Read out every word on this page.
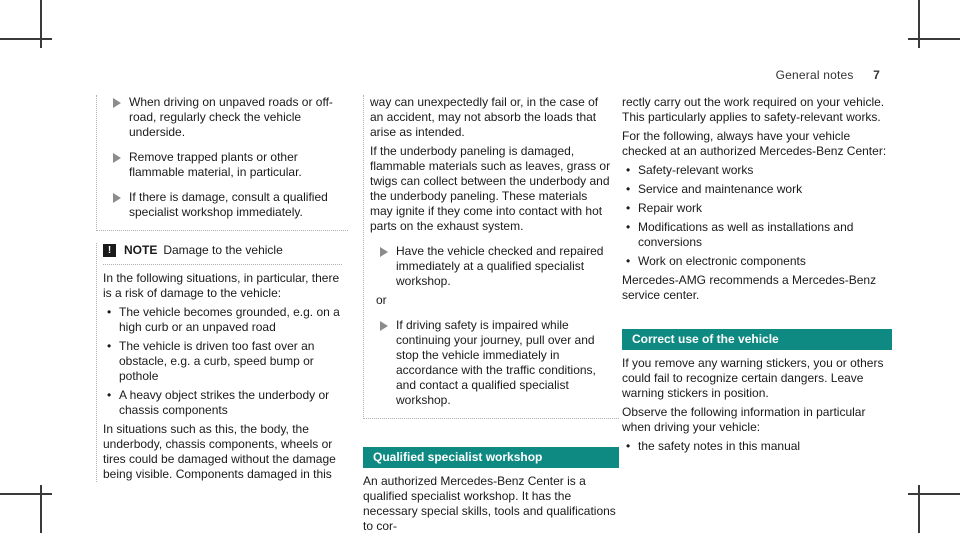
General notes 7
When driving on unpaved roads or off-road, regularly check the vehicle underside.
Remove trapped plants or other flammable material, in particular.
If there is damage, consult a qualified specialist workshop immediately.
!	NOTE Damage to the vehicle

In the following situations, in particular, there is a risk of damage to the vehicle:

• The vehicle becomes grounded, e.g. on a high curb or an unpaved road
• The vehicle is driven too fast over an obstacle, e.g. a curb, speed bump or pothole
• A heavy object strikes the underbody or chassis components

In situations such as this, the body, the underbody, chassis components, wheels or tires could be damaged without the damage being visible. Components damaged in this

way can unexpectedly fail or, in the case of an accident, may not absorb the loads that arise as intended.

If the underbody paneling is damaged, flammable materials such as leaves, grass or twigs can collect between the underbody and the underbody paneling. These materials may ignite if they come into contact with hot parts on the exhaust system.

Have the vehicle checked and repaired immediately at a qualified specialist workshop.
or
If driving safety is impaired while continuing your journey, pull over and stop the vehicle immediately in accordance with the traffic conditions, and contact a qualified specialist workshop.
Qualified specialist workshop

An authorized Mercedes-Benz Center is a qualified specialist workshop. It has the necessary special skills, tools and qualifications to cor-

rectly carry out the work required on your vehicle. This particularly applies to safety-relevant works.

For the following, always have your vehicle checked at an authorized Mercedes-Benz Center:

• Safety-relevant works
• Service and maintenance work
• Repair work
• Modifications as well as installations and conversions
• Work on electronic components

Mercedes-AMG recommends a Mercedes-Benz service center.

Correct use of the vehicle

If you remove any warning stickers, you or others could fail to recognize certain dangers. Leave warning stickers in position.

Observe the following information in particular when driving your vehicle:

• the safety notes in this manual
